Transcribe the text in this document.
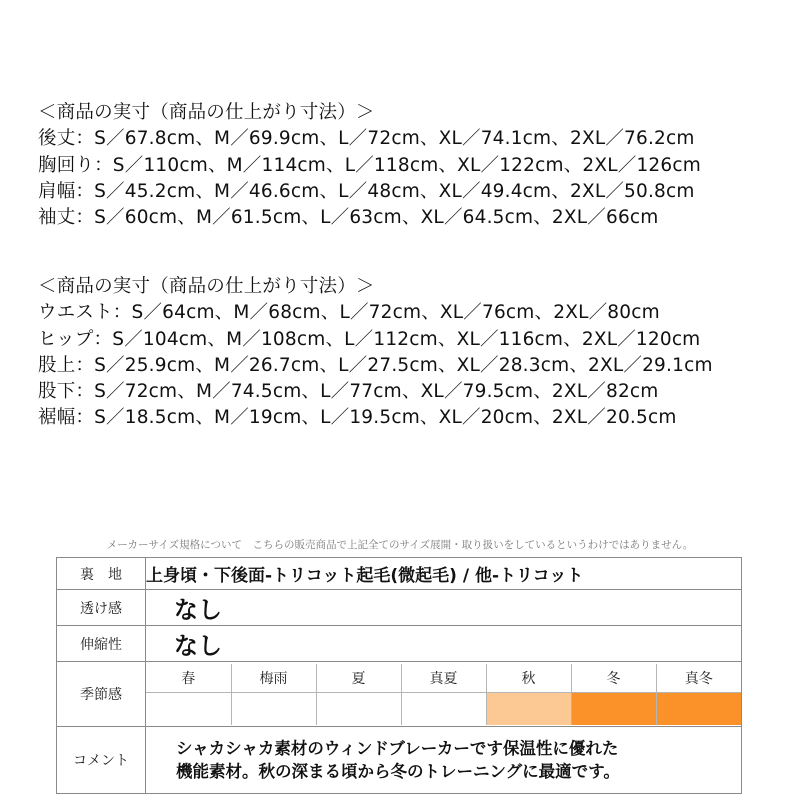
＜商品の実寸（商品の仕上がり寸法）＞
後丈：S／67.8cm、M／69.9cm、L／72cm、XL／74.1cm、2XL／76.2cm
胸回り：S／110cm、M／114cm、L／118cm、XL／122cm、2XL／126cm
肩幅：S／45.2cm、M／46.6cm、L／48cm、XL／49.4cm、2XL／50.8cm
袖丈：S／60cm、M／61.5cm、L／63cm、XL／64.5cm、2XL／66cm
＜商品の実寸（商品の仕上がり寸法）＞
ウエスト：S／64cm、M／68cm、L／72cm、XL／76cm、2XL／80cm
ヒップ：S／104cm、M／108cm、L／112cm、XL／116cm、2XL／120cm
股上：S／25.9cm、M／26.7cm、L／27.5cm、XL／28.3cm、2XL／29.1cm
股下：S／72cm、M／74.5cm、L／77cm、XL／79.5cm、2XL／82cm
裾幅：S／18.5cm、M／19cm、L／19.5cm、XL／20cm、2XL／20.5cm
メーカーサイズ規格について　こちらの販売商品で上記全てのサイズ展開・取り扱いをしているというわけではありません。
裏　地	上身頃・下後面-トリコット起毛(微起毛) / 他-トリコット
透け感	なし
伸縮性	なし
季節感	
春	梅雨	夏	真夏	秋	冬	真冬

コメント	
シャカシャカ素材のウィンドブレーカーです保温性に優れた
機能素材。秋の深まる頃から冬のトレーニングに最適です。
